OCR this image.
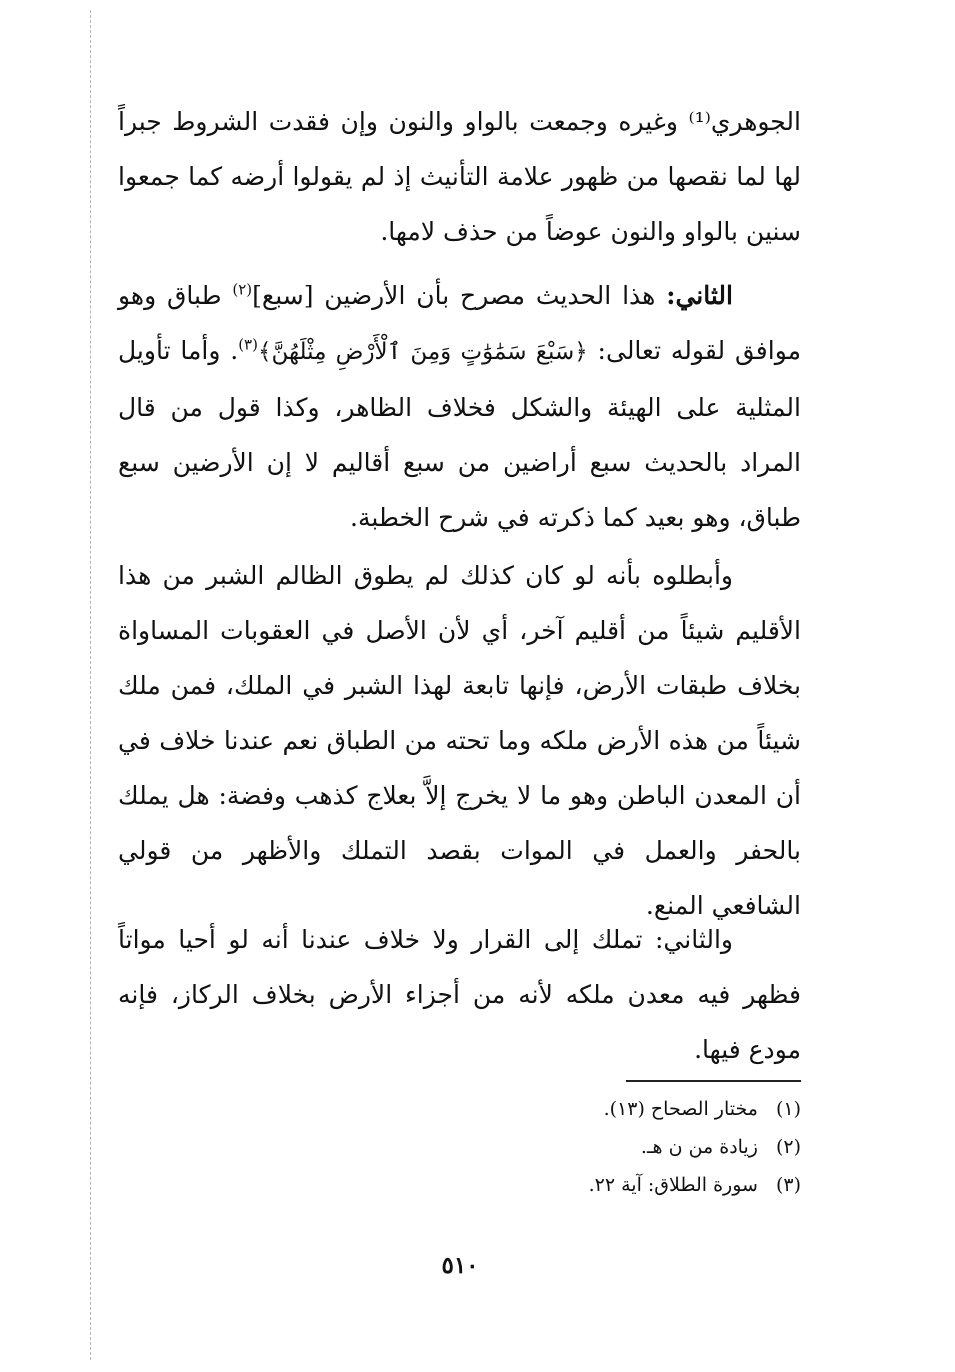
الجوهري⁽¹⁾ وغيره وجمعت بالواو والنون وإن فقدت الشروط جبراً لها لما نقصها من ظهور علامة التأنيث إذ لم يقولوا أرضه كما جمعوا سنين بالواو والنون عوضاً من حذف لامها.

الثاني: هذا الحديث مصرح بأن الأرضين [سبع]$^{(٢)}$ طباق وهو موافق لقوله تعالى: ﴿سَبْعَ سَمَٰوَٰتٍ وَمِنَ ٱلْأَرْضِ مِثْلَهُنَّ﴾$^{(٣)}$. وأما تأويل المثلية على الهيئة والشكل فخلاف الظاهر، وكذا قول من قال المراد بالحديث سبع أراضين من سبع أقاليم لا إن الأرضين سبع طباق، وهو بعيد كما ذكرته في شرح الخطبة.

وأبطلوه بأنه لو كان كذلك لم يطوق الظالم الشبر من هذا الأقليم شيئاً من أقليم آخر، أي لأن الأصل في العقوبات المساواة بخلاف طبقات الأرض، فإنها تابعة لهذا الشبر في الملك، فمن ملك شيئاً من هذه الأرض ملكه وما تحته من الطباق نعم عندنا خلاف في أن المعدن الباطن وهو ما لا يخرج إلاَّ بعلاج كذهب وفضة: هل يملك بالحفر والعمل في الموات بقصد التملك والأظهر من قولي الشافعي المنع.

والثاني: تملك إلى القرار ولا خلاف عندنا أنه لو أحيا مواتاً فظهر فيه معدن ملكه لأنه من أجزاء الأرض بخلاف الركاز، فإنه مودع فيها.

(١)مختار الصحاح (١٣).
(٢)زيادة من ن هـ.
(٣)سورة الطلاق: آية ٢٢.
٥١٠
